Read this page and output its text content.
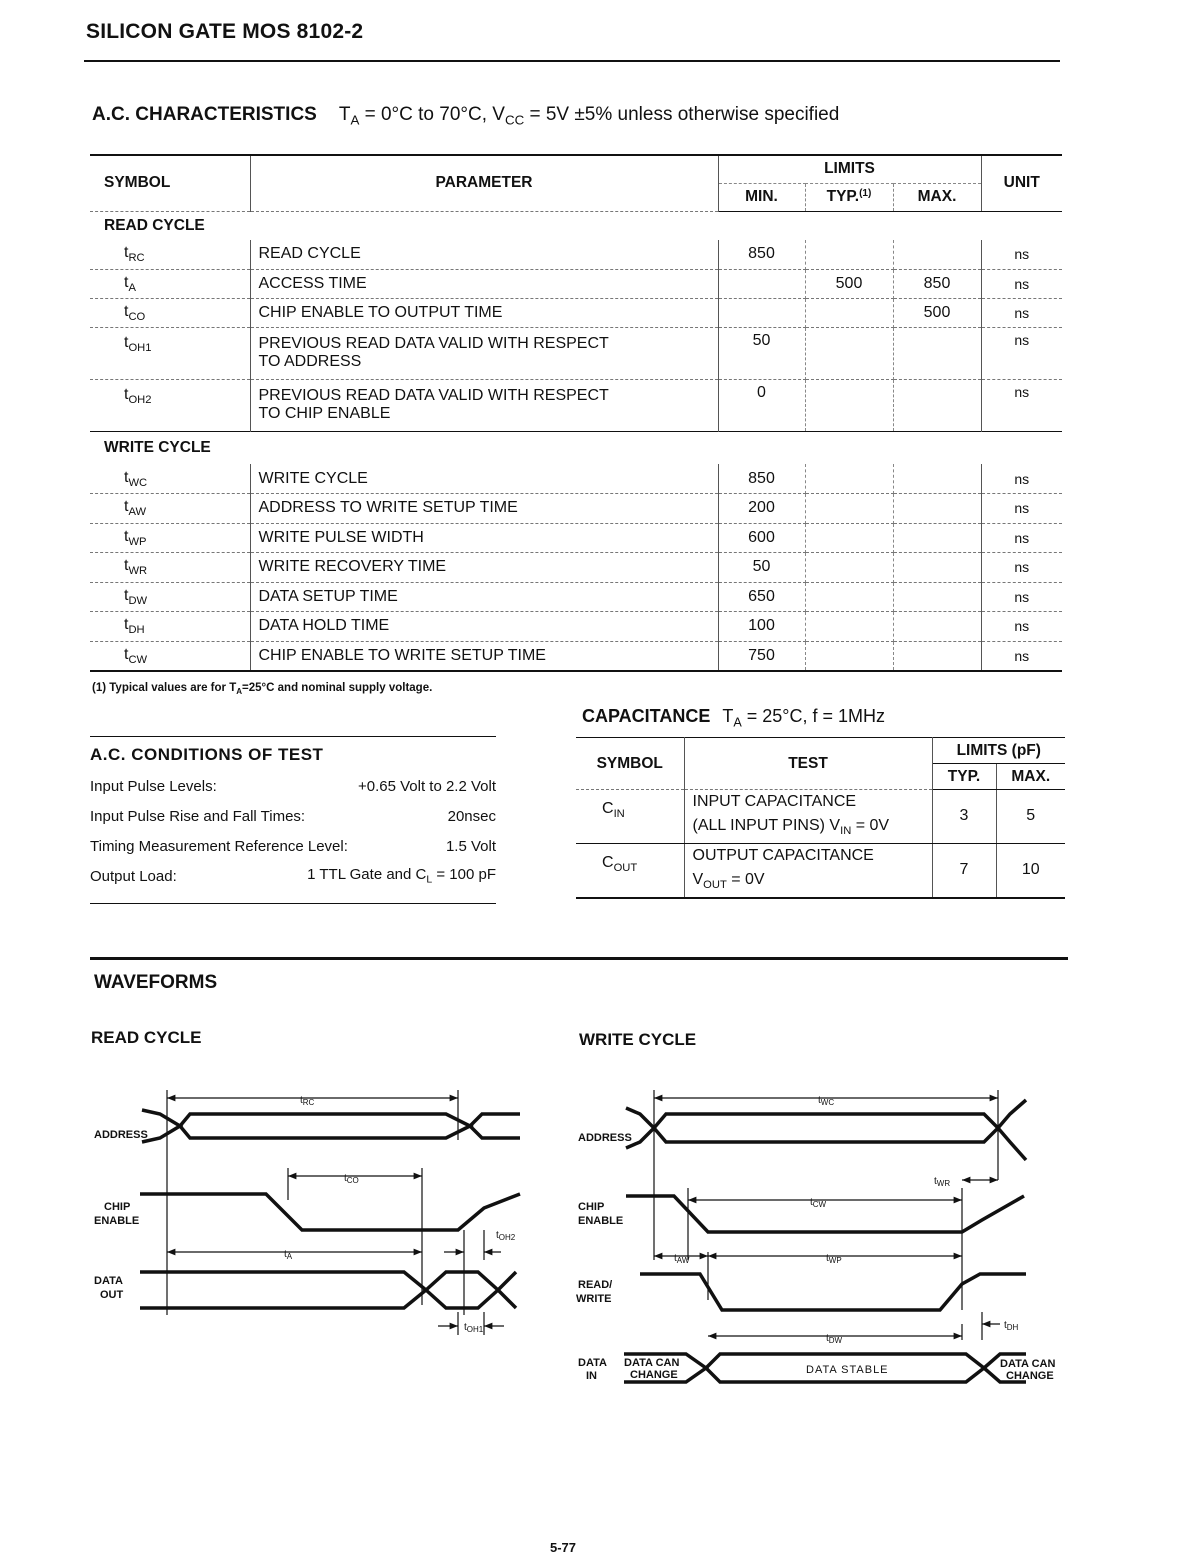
SILICON GATE MOS 8102-2
A.C. CHARACTERISTICS $T_A = 0^\circ C$ to 70°C, $V_{CC} = 5V \pm 5\%$ unless otherwise specified
SYMBOL	PARAMETER	LIMITS			UNIT
		MIN.	TYP.$^{(1)}$	MAX.	
READ CYCLE					
$t_{RC}$	READ CYCLE	850			ns
$t_A$	ACCESS TIME		500	850	ns
$t_{CO}$	CHIP ENABLE TO OUTPUT TIME			500	ns
$t_{OH1}$	PREVIOUS READ DATA VALID WITH RESPECT
TO ADDRESS	50			ns
$t_{OH2}$	PREVIOUS READ DATA VALID WITH RESPECT
TO CHIP ENABLE	0			ns
WRITE CYCLE					
$t_{WC}$	WRITE CYCLE	850			ns
$t_{AW}$	ADDRESS TO WRITE SETUP TIME	200			ns
$t_{WP}$	WRITE PULSE WIDTH	600			ns
$t_{WR}$	WRITE RECOVERY TIME	50			ns
$t_{DW}$	DATA SETUP TIME	650			ns
$t_{DH}$	DATA HOLD TIME	100			ns
$t_{CW}$	CHIP ENABLE TO WRITE SETUP TIME	750			ns
(1) Typical values are for $T_A=25^\circ C$ and nominal supply voltage.
CAPACITANCE $T_A = 25^\circ C$, f = 1MHz
A.C. CONDITIONS OF TEST
Input Pulse Levels:	+0.65 Volt to 2.2 Volt
Input Pulse Rise and Fall Times:	20nsec
Timing Measurement Reference Level:	1.5 Volt
Output Load:	1 TTL Gate and $C_L = 100$ pF
SYMBOL	TEST	LIMITS (pF)	
		TYP.	MAX.
$C_{IN}$	INPUT CAPACITANCE
(ALL INPUT PINS) $V_{IN} = 0V$	3	5
$C_{OUT}$	OUTPUT CAPACITANCE
$V_{OUT} = 0V$	7	10
WAVEFORMS
READ CYCLE	WRITE CYCLE
ADDRESS
CHIP
ENABLE
DATA
OUT
$t_{RC}$
$t_{CO}$
$t_A$
$t_{OH2}$
$t_{OH1}$
ADDRESS
CHIP
ENABLE
READ/
WRITE
DATA
IN
DATA CAN
CHANGE
DATA CAN
CHANGE
DATA STABLE
$t_{WC}$
$t_{WR}$
$t_{CW}$
$t_{AW}$	$t_{WP}$
$t_{DH}$
$t_{DW}$
5-77
